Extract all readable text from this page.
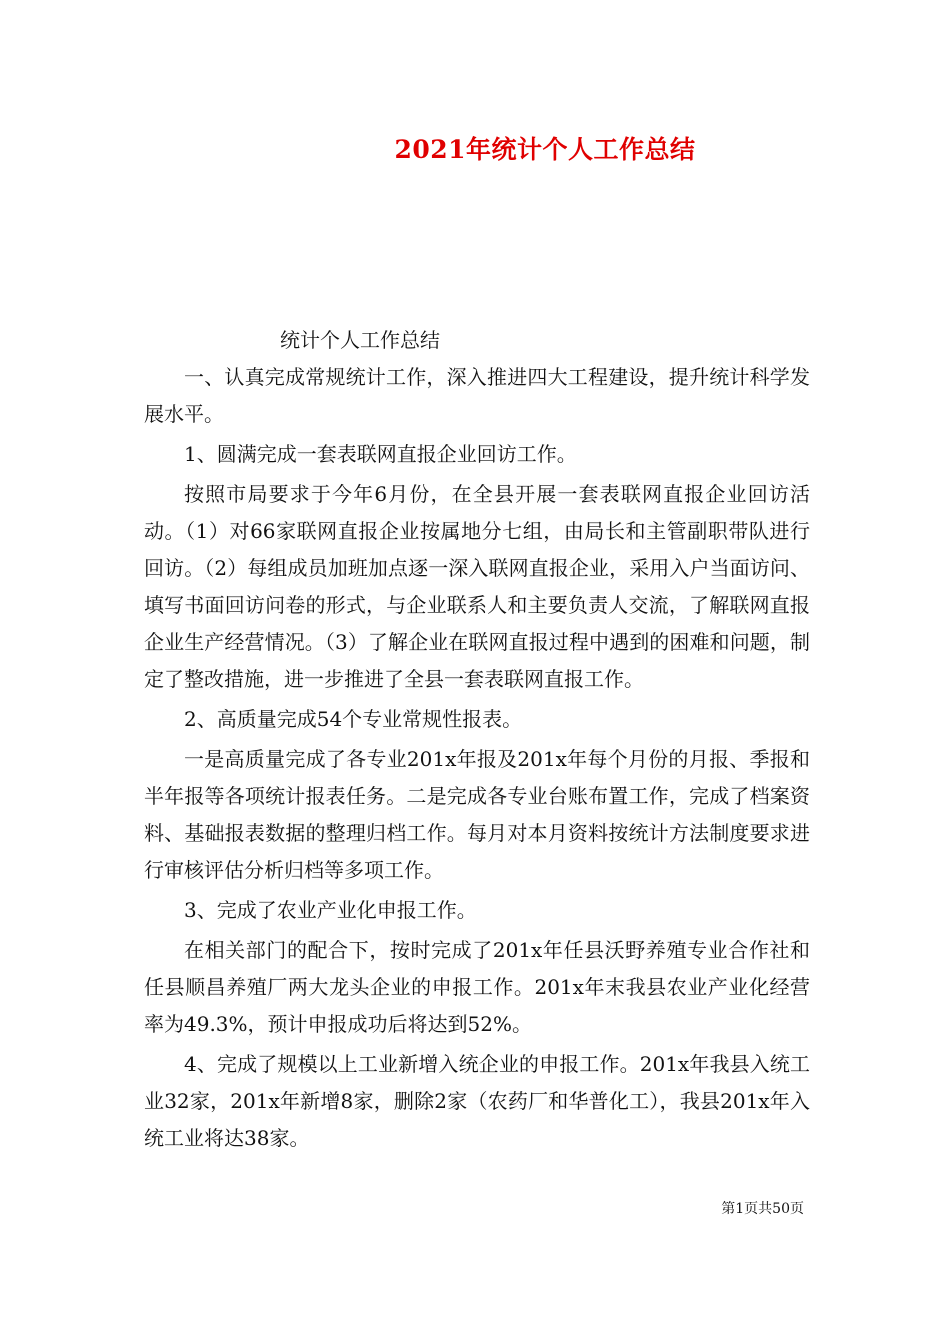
2021年统计个人工作总结

统计个人工作总结

一、认真完成常规统计工作，深入推进四大工程建设，提升统计科学发展水平。

1、圆满完成一套表联网直报企业回访工作。

按照市局要求于今年6月份，在全县开展一套表联网直报企业回访活动。（1）对66家联网直报企业按属地分七组，由局长和主管副职带队进行回访。（2）每组成员加班加点逐一深入联网直报企业，采用入户当面访问、填写书面回访问卷的形式，与企业联系人和主要负责人交流，了解联网直报企业生产经营情况。（3）了解企业在联网直报过程中遇到的困难和问题，制定了整改措施，进一步推进了全县一套表联网直报工作。

2、高质量完成54个专业常规性报表。

一是高质量完成了各专业201x年报及201x年每个月份的月报、季报和半年报等各项统计报表任务。二是完成各专业台账布置工作，完成了档案资料、基础报表数据的整理归档工作。每月对本月资料按统计方法制度要求进行审核评估分析归档等多项工作。

3、完成了农业产业化申报工作。

在相关部门的配合下，按时完成了201x年任县沃野养殖专业合作社和任县顺昌养殖厂两大龙头企业的申报工作。201x年末我县农业产业化经营率为49.3%，预计申报成功后将达到52%。

4、完成了规模以上工业新增入统企业的申报工作。201x年我县入统工业32家，201x年新增8家，删除2家（农药厂和华普化工），我县201x年入统工业将达38家。

第1页共50页
